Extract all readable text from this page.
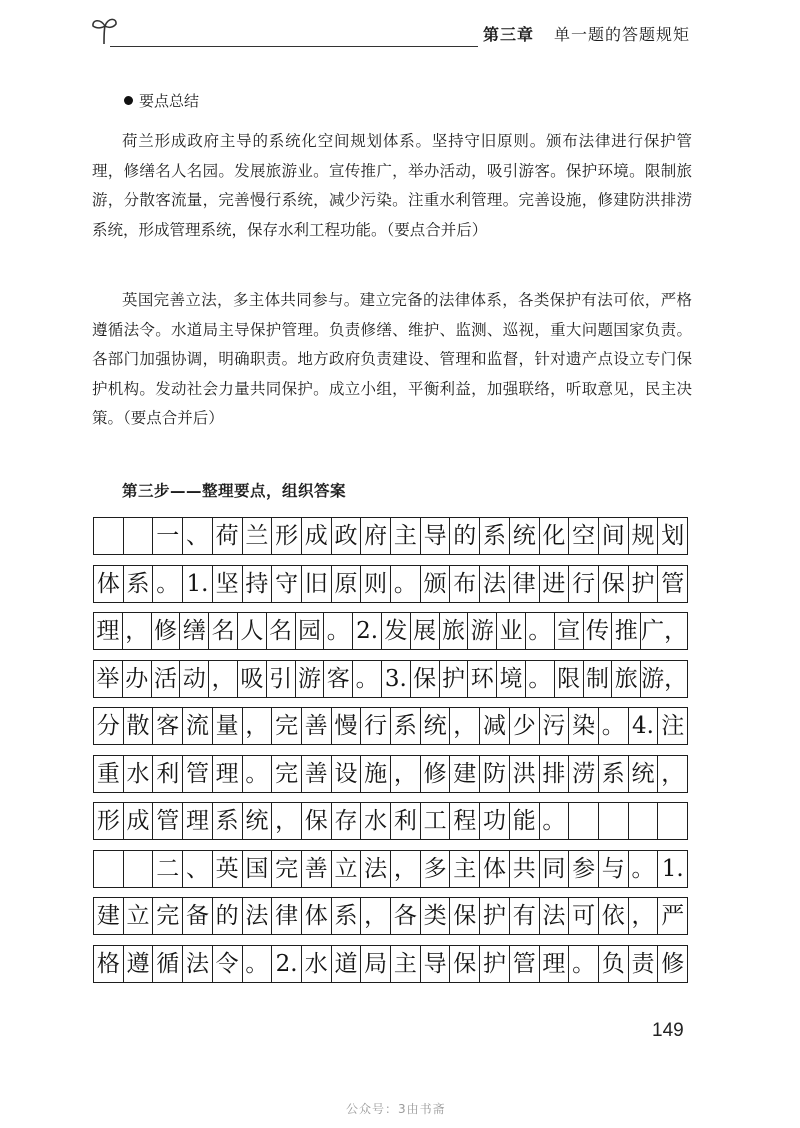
第三章 单一题的答题规矩
要点总结

荷兰形成政府主导的系统化空间规划体系。坚持守旧原则。颁布法律进行保护管理，修缮名人名园。发展旅游业。宣传推广，举办活动，吸引游客。保护环境。限制旅游，分散客流量，完善慢行系统，减少污染。注重水利管理。完善设施，修建防洪排涝系统，形成管理系统，保存水利工程功能。（要点合并后）

英国完善立法，多主体共同参与。建立完备的法律体系，各类保护有法可依，严格遵循法令。水道局主导保护管理。负责修缮、维护、监测、巡视，重大问题国家负责。各部门加强协调，明确职责。地方政府负责建设、管理和监督，针对遗产点设立专门保护机构。发动社会力量共同保护。成立小组，平衡利益，加强联络，听取意见，民主决策。（要点合并后）

第三步——整理要点，组织答案
一 、 荷 兰 形 成 政 府 主 导 的 系 统 化 空 间 规 划
体 系 。 1. 坚 持 守 旧 原 则 。 颁 布 法 律 进 行 保 护 管
理 ， 修 缮 名 人 名 园 。 2. 发 展 旅 游 业 。 宣 传 推 广，
举 办 活 动 ， 吸 引 游 客 。 3. 保 护 环 境 。 限 制 旅 游，
分 散 客 流 量 ， 完 善 慢 行 系 统 ， 减 少 污 染 。 4. 注
重 水 利 管 理 。 完 善 设 施 ， 修 建 防 洪 排 涝 系 统 ，
形 成 管 理 系 统 ， 保 存 水 利 工 程 功 能 。
二 、 英 国 完 善 立 法 ， 多 主 体 共 同 参 与 。 1.
建 立 完 备 的 法 律 体 系 ， 各 类 保 护 有 法 可 依 ， 严
格 遵 循 法 令 。 2. 水 道 局 主 导 保 护 管 理 。 负 责 修
149
公众号：3由书斋
